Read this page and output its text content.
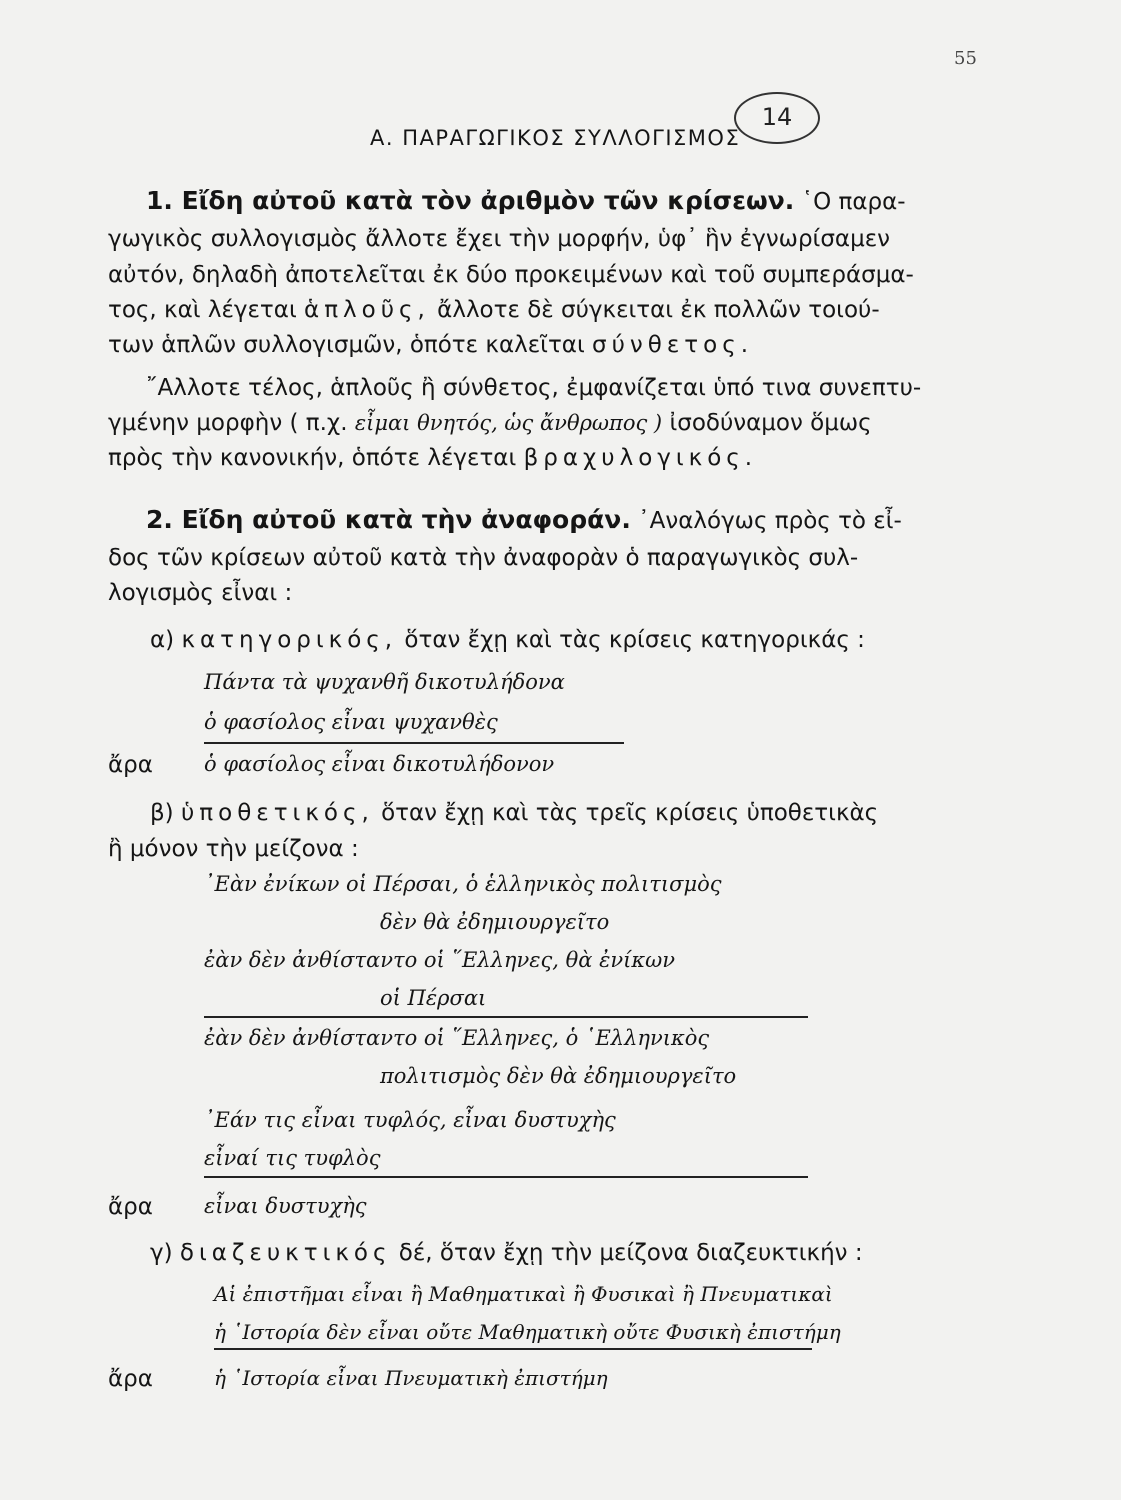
55
14
Α. ΠΑΡΑΓΩΓΙΚΟΣ ΣΥΛΛΟΓΙΣΜΟΣ
1. Εἴδη αὐτοῦ κατὰ τὸν ἀριθμὸν τῶν κρίσεων. ῾Ο παρα-
γωγικὸς συλλογισμὸς ἄλλοτε ἔχει τὴν μορφήν, ὑφ᾽ ἣν ἐγνωρίσαμεν
αὐτόν, δηλαδὴ ἀποτελεῖται ἐκ δύο προκειμένων καὶ τοῦ συμπεράσμα-
τος, καὶ λέγεται ἁπλοῦς, ἄλλοτε δὲ σύγκειται ἐκ πολλῶν τοιού-
των ἁπλῶν συλλογισμῶν, ὁπότε καλεῖται σύνθετος.
῎Αλλοτε τέλος, ἁπλοῦς ἢ σύνθετος, ἐμφανίζεται ὑπό τινα συνεπτυ-
γμένην μορφὴν ( π.χ. εἶμαι θνητός, ὡς ἄνθρωπος ) ἰσοδύναμον ὅμως
πρὸς τὴν κανονικήν, ὁπότε λέγεται βραχυλογικός.
2. Εἴδη αὐτοῦ κατὰ τὴν ἀναφοράν. ᾿Αναλόγως πρὸς τὸ εἶ-
δος τῶν κρίσεων αὐτοῦ κατὰ τὴν ἀναφορὰν ὁ παραγωγικὸς συλ-
λογισμὸς εἶναι :
α) κατηγορικός, ὅταν ἔχῃ καὶ τὰς κρίσεις κατηγορικάς :
Πάντα τὰ ψυχανθῆ δικοτυλήδονα
ὁ φασίολος εἶναι ψυχανθὲς
ἄρα ὁ φασίολος εἶναι δικοτυλήδονον
β) ὑποθετικός, ὅταν ἔχῃ καὶ τὰς τρεῖς κρίσεις ὑποθετικὰς
ἢ μόνον τὴν μείζονα :
᾿Εὰν ἐνίκων οἱ Πέρσαι, ὁ ἑλληνικὸς πολιτισμὸς
δὲν θὰ ἐδημιουργεῖτο
ἐὰν δὲν ἀνθίσταντο οἱ ῞Ελληνες, θὰ ἐνίκων
οἱ Πέρσαι
ἐὰν δὲν ἀνθίσταντο οἱ ῞Ελληνες, ὁ ῾Ελληνικὸς
πολιτισμὸς δὲν θὰ ἐδημιουργεῖτο
᾿Εάν τις εἶναι τυφλός, εἶναι δυστυχὴς
εἶναί τις τυφλὸς
ἄρα εἶναι δυστυχὴς
γ) διαζευκτικός δέ, ὅταν ἔχῃ τὴν μείζονα διαζευκτικήν :
Αἱ ἐπιστῆμαι εἶναι ἢ Μαθηματικαὶ ἢ Φυσικαὶ ἢ Πνευματικαὶ
ἡ ῾Ιστορία δὲν εἶναι οὔτε Μαθηματικὴ οὔτε Φυσικὴ ἐπιστήμη
ἄρα	ἡ ῾Ιστορία εἶναι Πνευματικὴ ἐπιστήμη
